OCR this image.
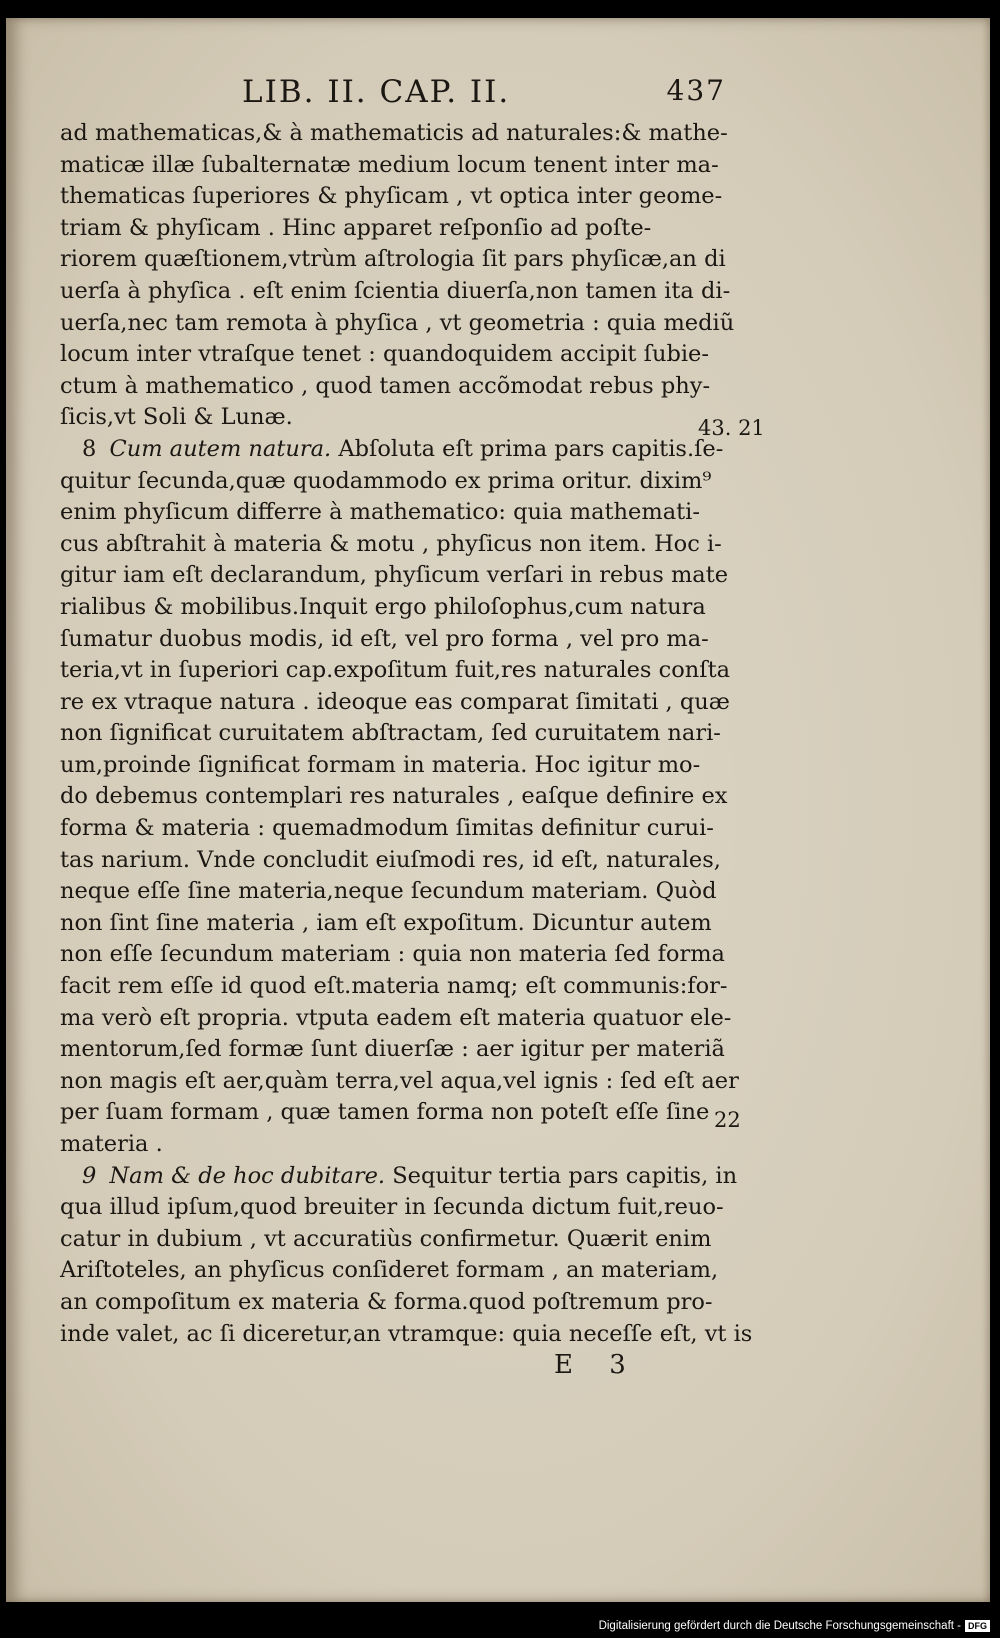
LIB. II. CAP. II.	437
ad mathematicas,& à mathematicis ad naturales:& mathe-
maticæ illæ ſubalternatæ medium locum tenent inter ma-
thematicas ſuperiores & phyſicam , vt optica inter geome-
triam & phyſicam . Hinc apparet reſponſio ad poſte-
riorem quæſtionem,vtrùm aſtrologia ſit pars phyſicæ,an di
uerſa à phyſica . eſt enim ſcientia diuerſa,non tamen ita di-
uerſa,nec tam remota à phyſica , vt geometria : quia mediũ
locum inter vtraſque tenet : quandoquidem accipit ſubie-
ctum à mathematico , quod tamen accõmodat rebus phy-
ſicis,vt Soli & Lunæ.
8 Cum autem natura. Abſoluta eſt prima pars capitis.ſe-
quitur ſecunda,quæ quodammodo ex prima oritur. dixim⁹
enim phyſicum differre à mathematico: quia mathemati-
cus abſtrahit à materia & motu , phyſicus non item. Hoc i-
gitur iam eſt declarandum, phyſicum verſari in rebus mate
rialibus & mobilibus.Inquit ergo philoſophus,cum natura
ſumatur duobus modis, id eſt, vel pro forma , vel pro ma-
teria,vt in ſuperiori cap.expoſitum fuit,res naturales conſta
re ex vtraque natura . ideoque eas comparat ſimitati , quæ
non ſignificat curuitatem abſtractam, ſed curuitatem nari-
um,proinde ſignificat formam in materia. Hoc igitur mo-
do debemus contemplari res naturales , eaſque definire ex
forma & materia : quemadmodum ſimitas definitur curui-
tas narium. Vnde concludit eiuſmodi res, id eſt, naturales,
neque eſſe ſine materia,neque ſecundum materiam. Quòd
non ſint ſine materia , iam eſt expoſitum. Dicuntur autem
non eſſe ſecundum materiam : quia non materia ſed forma
facit rem eſſe id quod eſt.materia namq; eſt communis:for-
ma verò eſt propria. vtputa eadem eſt materia quatuor ele-
mentorum,ſed formæ ſunt diuerſæ : aer igitur per materiã
non magis eſt aer,quàm terra,vel aqua,vel ignis : ſed eſt aer
per ſuam formam , quæ tamen forma non poteſt eſſe ſine
materia .
9 Nam & de hoc dubitare. Sequitur tertia pars capitis, in
qua illud ipſum,quod breuiter in ſecunda dictum fuit,reuo-
catur in dubium , vt accuratiùs confirmetur. Quærit enim
Ariſtoteles, an phyſicus conſideret formam , an materiam,
an compoſitum ex materia & forma.quod poſtremum pro-
inde valet, ac ſi diceretur,an vtramque: quia neceſſe eſt, vt is
43. 21
22
E 3
Digitalisierung gefördert durch die Deutsche Forschungsgemeinschaft - DFG
